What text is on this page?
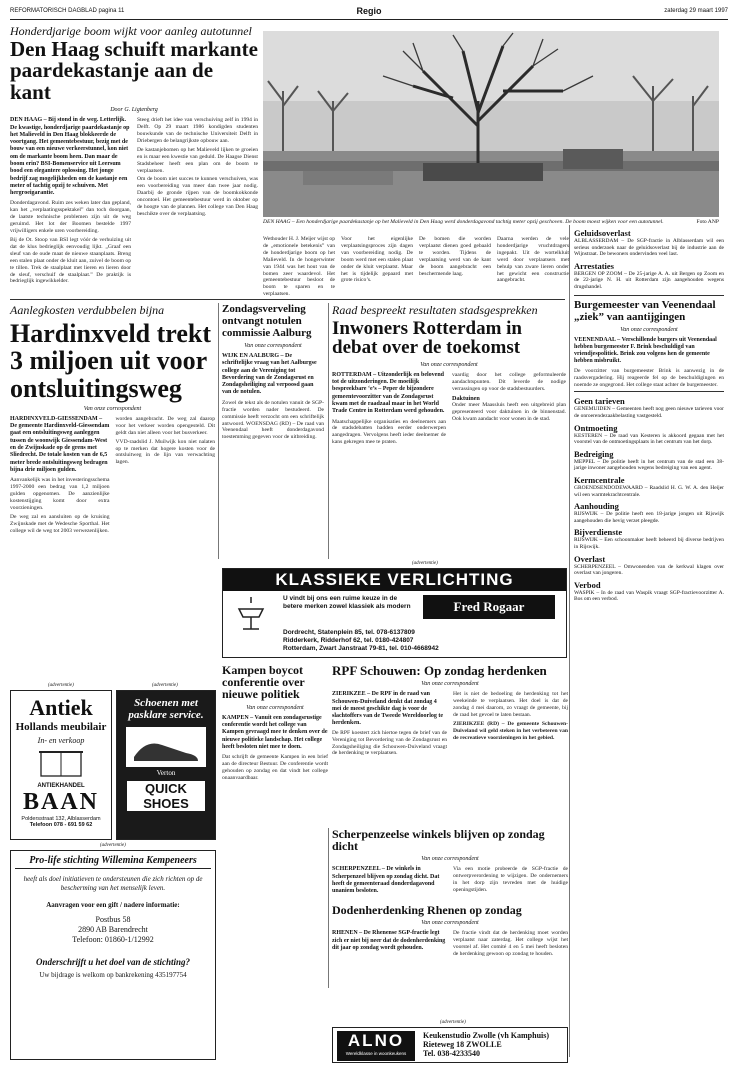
REFORMATORISCH DAGBLAD pagina 11	Regio	zaterdag 29 maart 1997
Honderdjarige boom wijkt voor aanleg autotunnel
Den Haag schuift markante paardekastanje aan de kant
Door G. Ligtenberg
DEN HAAG – Bij stond in de weg. Letterlijk. De kwastige, honderdjarige paardekastanje op het Malieveld in Den Haag blokkeerde de voortgang. Het gemeentebestuur, bezig met de bouw van een nieuwe verkeerstunnel, kon niet om de markante boom heen. Dan maar de boom erin? BSI-Bomenservice uit Leersum bood een elegantere oplossing. Het jonge bedrijf zag mogelijkheden om de kastanje een meter of tachtig opzij te schuiven. Met hergroeigarantie.

Donderdagavond. Ruim zes weken later dan gepland, kan het „verplaatingsspektakel” dan toch doorgaan, de laatste technische problemen zijn uit de weg geruimd. Het lot der Boomen bestelde 1997 vrijwilligers enkele uren voorbereiding.

Bij de Ot. Stoop van BSI legt vóór de verhuizing uit dat de klus bedrieglijk eenvoudig lijkt. „Graaf een sleuf van de oude maat de nieuwe staanplaats. Breng een stalen plaat onder de kluit aan, zuivel de boom op te tillen. Trek de staalplaat met lieren en lieren door de sleuf, verschuif de staalplaat.” De praktijk is bedrieglijk ingewikkelder.

Steeg drieft het idee van verschuiving zelf in 1994 in Delft. Op 29 maart 1986 kondigden studenten bouwkunde van de technische Universiteit Delft in Driebergen de belangrijkste opbouw aan.

De kastanjebomen op het Malieveld lijken te groeien en is maar een kwestie van geduld. De Haagse Dienst Stadsbeheer heeft een plan om de boom te verplaatsen.

Om de boom niet succes te kunnen verschuiven, was een voorbereiding van meer dan twee jaar nodig. Daarbij de gronde rijpen van de boomkokkonde oncontoel. Het gemeentebestuur werd in oktober op de hoogte van de plannen. Het college van Den Haag beschikte over de verplaatsing.

DEN HAAG – Een honderdjarige paardekastanje op het Malieveld in Den Haag werd donderdagavond tachtig meter opzij geschoven. De boom moest wijken voor een autotunnel.	Foto ANP
Wethouder H. J. Meijer wijst op de „emotionele betekenis” van de honderdjarige boom op het Malieveld. In de hongerwinter van 1944 was het hout van de bomen zeer waardevol. Het gemeentebestuur besloot de boom te sparen en te verplaatsen.
Voor het eigenlijke verplaatsingsproces zijn dagen van voorbereiding nodig. De boom werd met een stalen plaat onder de kluit verplaatst. Maar het is tijdelijk gepaard met grote risico’s.
De bomen die worden verplaatst dienen goed gebaald te worden. Tijdens de verplaatsing werd van de kant de boom aangebracht een beschermende laag.
Daarna werden de vele honderdjarige vruchtdragers ingepakt. Uit de wortelkluit werd door verplaatsers met behulp van zware lieren onder het gewicht een constructie aangebracht.
Geluidsoverlast
ALBLASSERDAM – De SGP-fractie in Alblasserdam wil een serieus onderzoek naar de geluidsoverlast bij de industrie aan de Wijnstraat. De bewoners ondervinden veel last.
Arrestaties
BERGEN OP ZOOM – De 25-jarige A. A. uit Bergen op Zoom en de 22-jarige N. H. uit Rotterdam zijn aangehouden wegens drugshandel.
Burgemeester van Veenendaal „ziek” van aantijgingen
Van onze correspondent
VEENENDAAL – Verschillende burgers uit Veenendaal hebben burgemeester F. Brink beschuldigd van vriendjespolitiek. Brink zou volgens hen de gemeente hebben misbruikt.
De voorzitter van burgemeester Brink is aanwezig in de raadsvergadering. Hij reageerde fel op de beschuldigingen en noemde ze ongegrond. Het college staat achter de burgemeester.
Geen tarieven
GENEMUIDEN – Gemeenten heeft nog geen nieuwe tarieven voor de onroerendezaakbelasting vastgesteld.
Ontmoeting
KESTEREN – De raad van Kesteren is akkoord gegaan met het voorstel van de ontmoetingsplaats in het centrum van het dorp.
Bedreiging
MEPPEL – De politie heeft in het centrum van de stad een 38-jarige inwoner aangehouden wegens bedreiging van een agent.
Kermcentrale
GROENDSENDODEWAARD – Raadslid H. G. W. A. den Heijer wil een warmtekrachtcentrale.
Aanhouding
RIJSWIJK – De politie heeft een 18-jarige jongen uit Rijswijk aangehouden die hevig verzet pleegde.
Bijverdienste
RIJSWIJK – Een schoonmaker heeft beheerd bij diverse bedrijven in Rijswijk.
Overlast
SCHERPENZEEL – Omwonenden van de kerkwal klagen over overlast van jongeren.
Verbod
WASPIK – In de raad van Waspik vraagt SGP-fractievoorzitter A. Bos om een verbod.
Aanlegkosten verdubbelen bijna
Hardinxveld trekt 3 miljoen uit voor ontsluitingsweg
Van onze correspondent
HARDINXVELD-GIESSENDAM – De gemeente Hardinxveld-Giessendam gaat een ontsluitingsweg aanleggen tussen de woonwijk Giessendam-West en de Zwijnskade op de grens met Sliedrecht. De totale kosten van de 6,5 meter brede ontsluitingsweg bedragen bijna drie miljoen gulden.

Aanvankelijk was in het investeringsschema 1997-2000 een bedrag van 1,2 miljoen gulden opgenomen. De aanzienlijke kostenstijging komt door extra voorzieningen.

De weg zal en aansluiten op de kruising Zwijnskade met de Wedesche Sporthal. Het college wil de weg tot 2003 verwezenlijken.

worden aangebracht. De weg zal daarop voor het verkeer worden opengesteld. Dit geldt dan niet alleen voor het busverkeer.

VVD-raadslid J. Muilwijk kon niet nalaten op te merken dat hogere kosten voor de ontsluitweg in de lijn van verwachting lagen.

Zondagsverveling ontvangt notulen commissie Aalburg
Van onze correspondent
WIJK EN AALBURG – De schriftelijke vraag van het Aalburgse college aan de Vereniging tot Bevordering van de Zondagsrust en Zondagsheiliging zal verpoosd gaan van de notulen.
Zowel de tekst als de notulen vanuit de SGP-fractie worden nader bestudeerd. De commissie heeft verzocht om een schriftelijk antwoord. WOENSDAG (RD) – De raad van Veenendaal heeft donderdagavond toestemming gegeven voor de uitbreiding.
Raad bespreekt resultaten stadsgesprekken
Inwoners Rotterdam in debat over de toekomst
Van onze correspondent
ROTTERDAM – Uitzonderlijk en belovend tot de uitzonderingen. De moeilijk bespreekbare ‘e’s – Peper de bijzondere gemeentevoorzitter van de Zondagsrust kwam met de raadzaal maar in het World Trade Centre in Rotterdam werd gehouden.
Maatschappelijke organisaties en deelnemers aan de stadsdebatten hadden eerder onderwerpen aangedragen. Vervolgens heeft ieder deelnemer de kans gekregen mee te praten.
vaardig door het college geformuleerde aandachtspunten. Dit leverde de nodige verrassingen op voor de stadsbestuurders.
Daktuinen
Onder meer Maassluis heeft een uitgebreid plan gepresenteerd voor daktuinen in de binnenstad. Ook kwam aandacht voor wonen in de stad.
(advertentie)
KLASSIEKE VERLICHTING
U vindt bij ons een ruime keuze in de betere merken zowel klassiek als modern	Fred Rogaar
Dordrecht, Statenplein 85, tel. 078-6137809
Ridderkerk, Ridderhof 62, tel. 0180-424807
Rotterdam, Zwart Janstraat 79-81, tel. 010-4668942
RPF Schouwen: Op zondag herdenken
Van onze correspondent
ZIERIKZEE – De RPF in de raad van Schouwen-Duiveland denkt dat zondag 4 mei de meest geschikte dag is voor de slachtoffers van de Tweede Wereldoorlog te herdenken.
De RPF koestert zich hiertoe tegen de brief van de Vereniging tot Bevordering van de Zondagsrust en Zondagsheiliging die Schouwen-Duiveland vraagt de herdenking te verplaatsen.

Het is niet de bedoeling de herdenking tot het weekeinde te verplaatsen. Het doel is dat de zondag 4 mei daarom, zo vraagt de gemeente, bij de raad het gevoel te laten bestaan.

ZIERIKZEE (RD) – De gemeente Schouwen-Duiveland wil geld steken in het verbeteren van de recreatieve voorzieningen in het gebied.

(advertentie)
Antiek
Hollands meubilair
In- en verkoop
ANTIEKHANDEL
BAAN
Poldersstraat 132, Alblasserdam
Telefoon 078 - 691 59 62
(advertentie)
Schoenen met pasklare service.
Verton
QUICK
SHOES
Kampen boycot conferentie over nieuwe politiek
Van onze correspondent
KAMPEN – Vanuit een zondagsrustige conferentie wordt het college van Kampen gevraagd mee te denken over de nieuwe politieke landschap. Het college heeft besloten niet mee te doen.
Dat schrijft de gemeente Kampen in een brief aan de directeur Bestuur. De conferentie wordt gehouden op zondag en dat vindt het college onaanvaardbaar.
(advertentie)
Pro-life stichting Willemina Kempeneers
heeft als doel initiatieven te ondersteunen die zich richten op de bescherming van het menselijk leven.
Aanvragen voor een gift / nadere informatie:
Postbus 58
2890 AB Barendrecht
Telefoon: 01860-1/12992
Onderschrijft u het doel van de stichting?
Uw bijdrage is welkom op bankrekening 435197754
Dodenherdenking Rhenen op zondag
Van onze correspondent
RHENEN – De Rhenense SGP-fractie legt zich er niet bij neer dat de dodenherdenking dit jaar op zondag wordt gehouden.
De fractie vindt dat de herdenking moet worden verplaatst naar zaterdag. Het college wijst het voorstel af. Het comité 4 en 5 mei heeft besloten de herdenking gewoon op zondag te houden.
(advertentie)
ALNO
Wereldklasse in woonkeukens
Keukenstudio Zwolle (vh Kamphuis)
Rieteweg 18 ZWOLLE
Tel. 038-4233540
Scherpenzeelse winkels blijven op zondag dicht
Van onze correspondent
SCHERPENZEEL – De winkels in Scherpenzeel blijven op zondag dicht. Dat heeft de gemeenteraad donderdagavond unaniem besloten.
Via een motie probeerde de SGP-fractie de ontwerpverordening te wijzigen. De ondernemers in het dorp zijn tevreden met de huidige openingstijden.
